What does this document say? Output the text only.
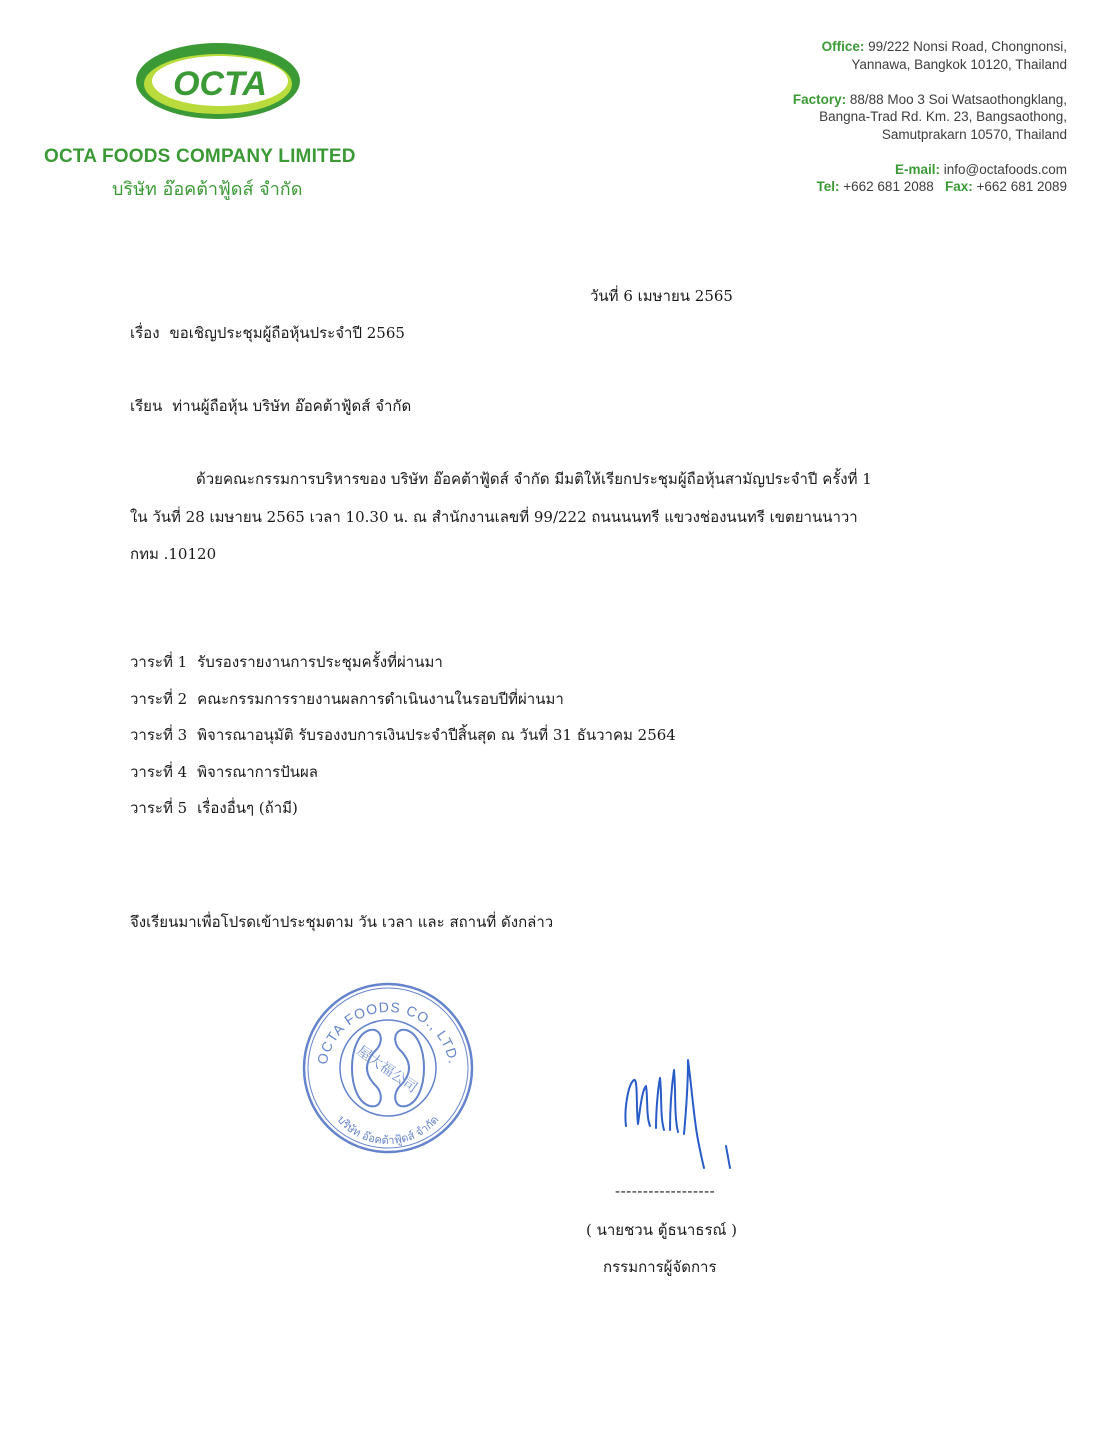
OCTA
OCTA FOODS COMPANY LIMITED
บริษัท อ๊อคต้าฟู้ดส์ จำกัด
Office: 99/222 Nonsi Road, Chongnonsi,
Yannawa, Bangkok 10120, Thailand
Factory: 88/88 Moo 3 Soi Watsaothongklang,
Bangna-Trad Rd. Km. 23, Bangsaothong,
Samutprakarn 10570, Thailand
E-mail: info@octafoods.com
Tel: +662 681 2088 Fax: +662 681 2089
วันที่ 6 เมษายน 2565
เรื่อง ขอเชิญประชุมผู้ถือหุ้นประจำปี 2565
เรียน ท่านผู้ถือหุ้น บริษัท อ๊อคต้าฟู้ดส์ จำกัด
ด้วยคณะกรรมการบริหารของ บริษัท อ๊อคต้าฟู้ดส์ จำกัด มีมติให้เรียกประชุมผู้ถือหุ้นสามัญประจำปี ครั้งที่ 1
ใน วันที่ 28 เมษายน 2565 เวลา 10.30 น. ณ สำนักงานเลขที่ 99/222 ถนนนนทรี แขวงช่องนนทรี เขตยานนาวา
กทม .10120
วาระที่ 1 รับรองรายงานการประชุมครั้งที่ผ่านมา
วาระที่ 2 คณะกรรมการรายงานผลการดำเนินงานในรอบปีที่ผ่านมา
วาระที่ 3 พิจารณาอนุมัติ รับรองงบการเงินประจำปีสิ้นสุด ณ วันที่ 31 ธันวาคม 2564
วาระที่ 4 พิจารณาการปันผล
วาระที่ 5 เรื่องอื่นๆ (ถ้ามี)
จึงเรียนมาเพื่อโปรดเข้าประชุมตาม วัน เวลา และ สถานที่ ดังกล่าว
OCTA FOODS CO., LTD.
บริษัท อ๊อคต้าฟู้ดส์ จำกัด
屋大福公司
------------------
( นายชวน ตู้ธนาธรณ์ )
กรรมการผู้จัดการ
